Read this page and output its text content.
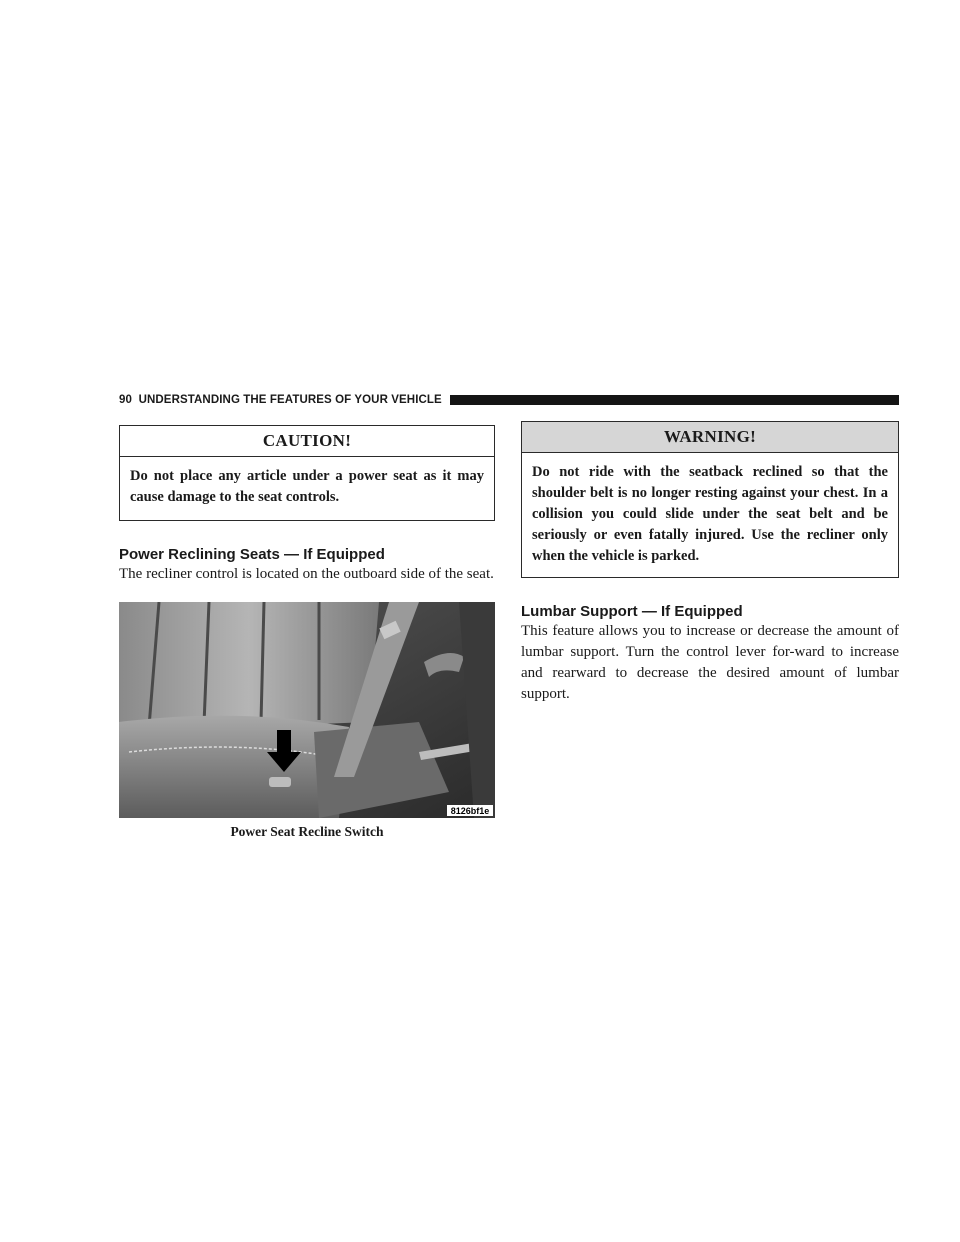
90 UNDERSTANDING THE FEATURES OF YOUR VEHICLE
CAUTION!
Do not place any article under a power seat as it may cause damage to the seat controls.
Power Reclining Seats — If Equipped
The recliner control is located on the outboard side of the seat.
8126bf1e
Power Seat Recline Switch
WARNING!
Do not ride with the seatback reclined so that the shoulder belt is no longer resting against your chest. In a collision you could slide under the seat belt and be seriously or even fatally injured. Use the recliner only when the vehicle is parked.
Lumbar Support — If Equipped
This feature allows you to increase or decrease the amount of lumbar support. Turn the control lever for-ward to increase and rearward to decrease the desired amount of lumbar support.
